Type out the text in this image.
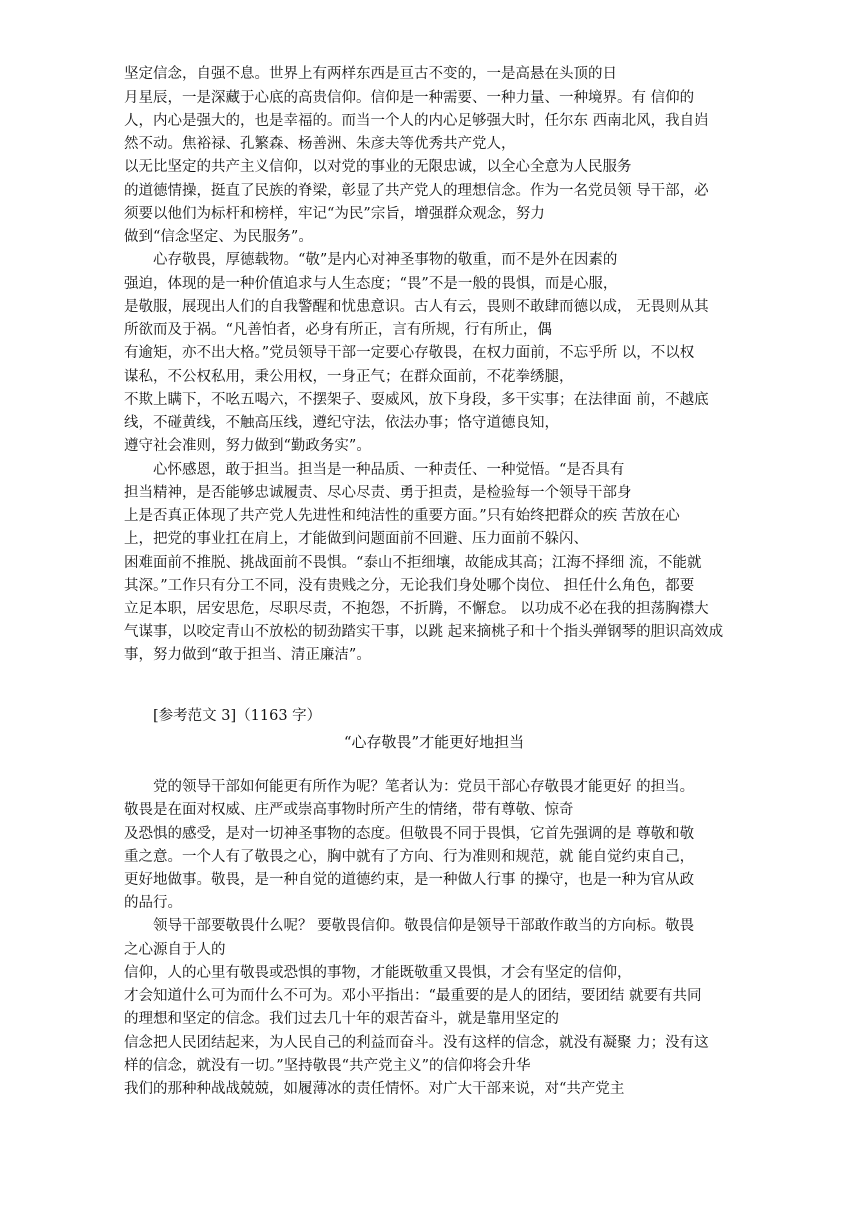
坚定信念，自强不息。世界上有两样东西是亘古不变的，一是高悬在头顶的日

月星辰，一是深藏于心底的高贵信仰。信仰是一种需要、一种力量、一种境界。有 信仰的

人，内心是强大的，也是幸福的。而当一个人的内心足够强大时，任尔东 西南北风，我自岿

然不动。焦裕禄、孔繁森、杨善洲、朱彦夫等优秀共产党人，

以无比坚定的共产主义信仰，以对党的事业的无限忠诚，以全心全意为人民服务

的道德情操，挺直了民族的脊梁，彰显了共产党人的理想信念。作为一名党员领 导干部，必

须要以他们为标杆和榜样，牢记“为民”宗旨，增强群众观念，努力

做到“信念坚定、为民服务”。

　　心存敬畏，厚德载物。“敬”是内心对神圣事物的敬重，而不是外在因素的

强迫，体现的是一种价值追求与人生态度；“畏”不是一般的畏惧，而是心服，

是敬服，展现出人们的自我警醒和忧患意识。古人有云，畏则不敢肆而德以成， 无畏则从其

所欲而及于祸。“凡善怕者，必身有所正，言有所规，行有所止，偶

有逾矩，亦不出大格。”党员领导干部一定要心存敬畏，在权力面前，不忘乎所 以，不以权

谋私，不公权私用，秉公用权，一身正气；在群众面前，不花拳绣腿，

不欺上瞒下，不吆五喝六，不摆架子、耍威风，放下身段，多干实事；在法律面 前，不越底

线，不碰黄线，不触高压线，遵纪守法，依法办事；恪守道德良知，

遵守社会准则，努力做到“勤政务实”。

　　心怀感恩，敢于担当。担当是一种品质、一种责任、一种觉悟。“是否具有

担当精神，是否能够忠诚履责、尽心尽责、勇于担责，是检验每一个领导干部身

上是否真正体现了共产党人先进性和纯洁性的重要方面。”只有始终把群众的疾 苦放在心

上，把党的事业扛在肩上，才能做到问题面前不回避、压力面前不躲闪、

困难面前不推脱、挑战面前不畏惧。“泰山不拒细壤，故能成其高；江海不择细 流，不能就

其深。”工作只有分工不同，没有贵贱之分，无论我们身处哪个岗位、 担任什么角色，都要

立足本职，居安思危，尽职尽责，不抱怨，不折腾，不懈怠。 以功成不必在我的担荡胸襟大

气谋事，以咬定青山不放松的韧劲踏实干事，以跳 起来摘桃子和十个指头弹钢琴的胆识高效成

事，努力做到“敢于担当、清正廉洁”。

　　[参考范文 3]（1163 字）

“心存敬畏”才能更好地担当

　　党的领导干部如何能更有所作为呢？笔者认为：党员干部心存敬畏才能更好 的担当。

敬畏是在面对权威、庄严或崇高事物时所产生的情绪，带有尊敬、惊奇

及恐惧的感受，是对一切神圣事物的态度。但敬畏不同于畏惧，它首先强调的是 尊敬和敬

重之意。一个人有了敬畏之心，胸中就有了方向、行为准则和规范，就 能自觉约束自己，

更好地做事。敬畏，是一种自觉的道德约束，是一种做人行事 的操守，也是一种为官从政

的品行。

　　领导干部要敬畏什么呢？ 要敬畏信仰。敬畏信仰是领导干部敢作敢当的方向标。敬畏

之心源自于人的

信仰，人的心里有敬畏或恐惧的事物，才能既敬重又畏惧，才会有坚定的信仰，

才会知道什么可为而什么不可为。邓小平指出：“最重要的是人的团结，要团结 就要有共同

的理想和坚定的信念。我们过去几十年的艰苦奋斗，就是靠用坚定的

信念把人民团结起来，为人民自己的利益而奋斗。没有这样的信念，就没有凝聚 力；没有这

样的信念，就没有一切。”坚持敬畏“共产党主义”的信仰将会升华

我们的那种种战战兢兢，如履薄冰的责任情怀。对广大干部来说，对“共产党主
